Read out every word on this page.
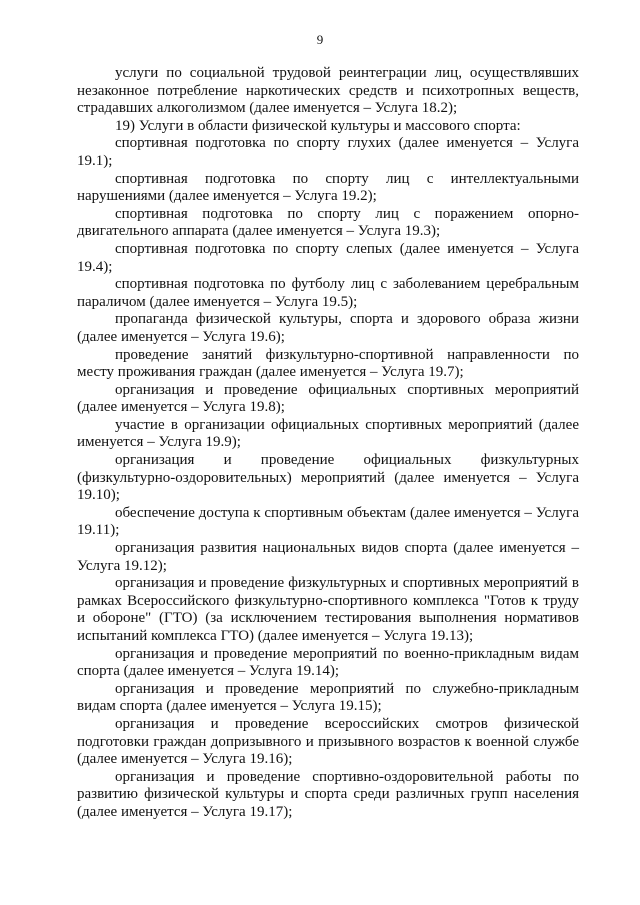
9

услуги по социальной трудовой реинтеграции лиц, осуществлявших незаконное потребление наркотических средств и психотропных веществ, страдавших алкоголизмом (далее именуется – Услуга 18.2);

19) Услуги в области физической культуры и массового спорта:

спортивная подготовка по спорту глухих (далее именуется – Услуга 19.1);

спортивная подготовка по спорту лиц с интеллектуальными нарушениями (далее именуется – Услуга 19.2);

спортивная подготовка по спорту лиц с поражением опорно-двигательного аппарата (далее именуется – Услуга 19.3);

спортивная подготовка по спорту слепых (далее именуется – Услуга 19.4);

спортивная подготовка по футболу лиц с заболеванием церебральным параличом (далее именуется – Услуга 19.5);

пропаганда физической культуры, спорта и здорового образа жизни (далее именуется – Услуга 19.6);

проведение занятий физкультурно-спортивной направленности по месту проживания граждан (далее именуется – Услуга 19.7);

организация и проведение официальных спортивных мероприятий (далее именуется – Услуга 19.8);

участие в организации официальных спортивных мероприятий (далее именуется – Услуга 19.9);

организация и проведение официальных физкультурных (физкультурно-оздоровительных) мероприятий (далее именуется – Услуга 19.10);

обеспечение доступа к спортивным объектам (далее именуется – Услуга 19.11);

организация развития национальных видов спорта (далее именуется – Услуга 19.12);

организация и проведение физкультурных и спортивных мероприятий в рамках Всероссийского физкультурно-спортивного комплекса "Готов к труду и обороне" (ГТО) (за исключением тестирования выполнения нормативов испытаний комплекса ГТО) (далее именуется – Услуга 19.13);

организация и проведение мероприятий по военно-прикладным видам спорта (далее именуется – Услуга 19.14);

организация и проведение мероприятий по служебно-прикладным видам спорта (далее именуется – Услуга 19.15);

организация и проведение всероссийских смотров физической подготовки граждан допризывного и призывного возрастов к военной службе (далее именуется – Услуга 19.16);

организация и проведение спортивно-оздоровительной работы по развитию физической культуры и спорта среди различных групп населения (далее именуется – Услуга 19.17);
